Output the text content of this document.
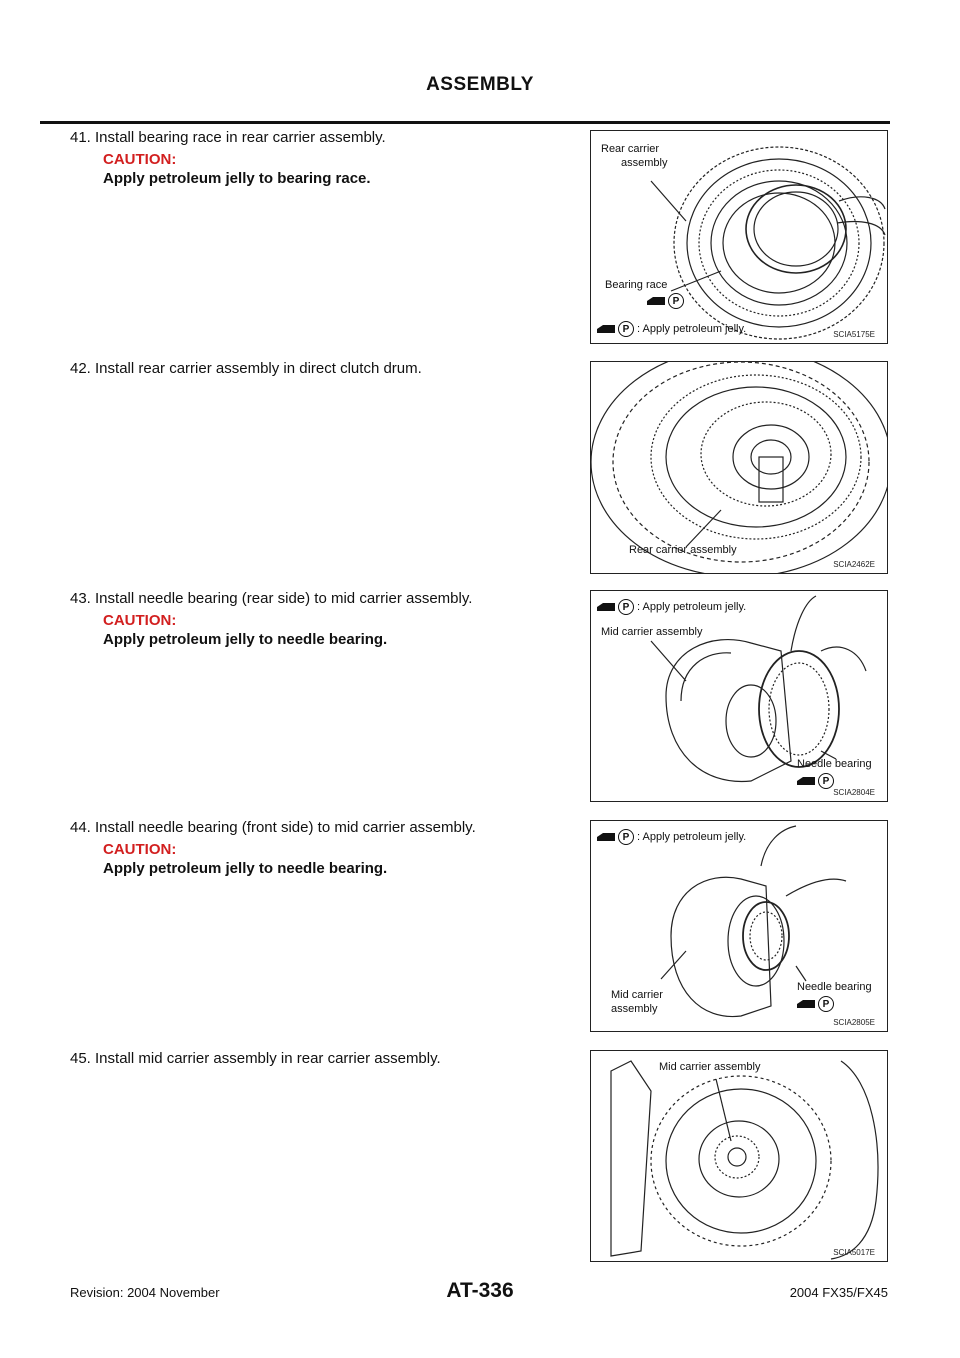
ASSEMBLY
41. Install bearing race in rear carrier assembly.
CAUTION:
Apply petroleum jelly to bearing race.
42. Install rear carrier assembly in direct clutch drum.
43. Install needle bearing (rear side) to mid carrier assembly.
CAUTION:
Apply petroleum jelly to needle bearing.
44. Install needle bearing (front side) to mid carrier assembly.
CAUTION:
Apply petroleum jelly to needle bearing.
45. Install mid carrier assembly in rear carrier assembly.
Rear carrier
assembly
Bearing race
P
P : Apply petroleum jelly.	SCIA5175E
Rear carrier assembly
SCIA2462E
P : Apply petroleum jelly.
Mid carrier assembly
Needle bearing
P
SCIA2804E
P : Apply petroleum jelly.
Mid carrier
assembly
Needle bearing
P
SCIA2805E
Mid carrier assembly
SCIA5017E
Revision: 2004 November	AT-336	2004 FX35/FX45
